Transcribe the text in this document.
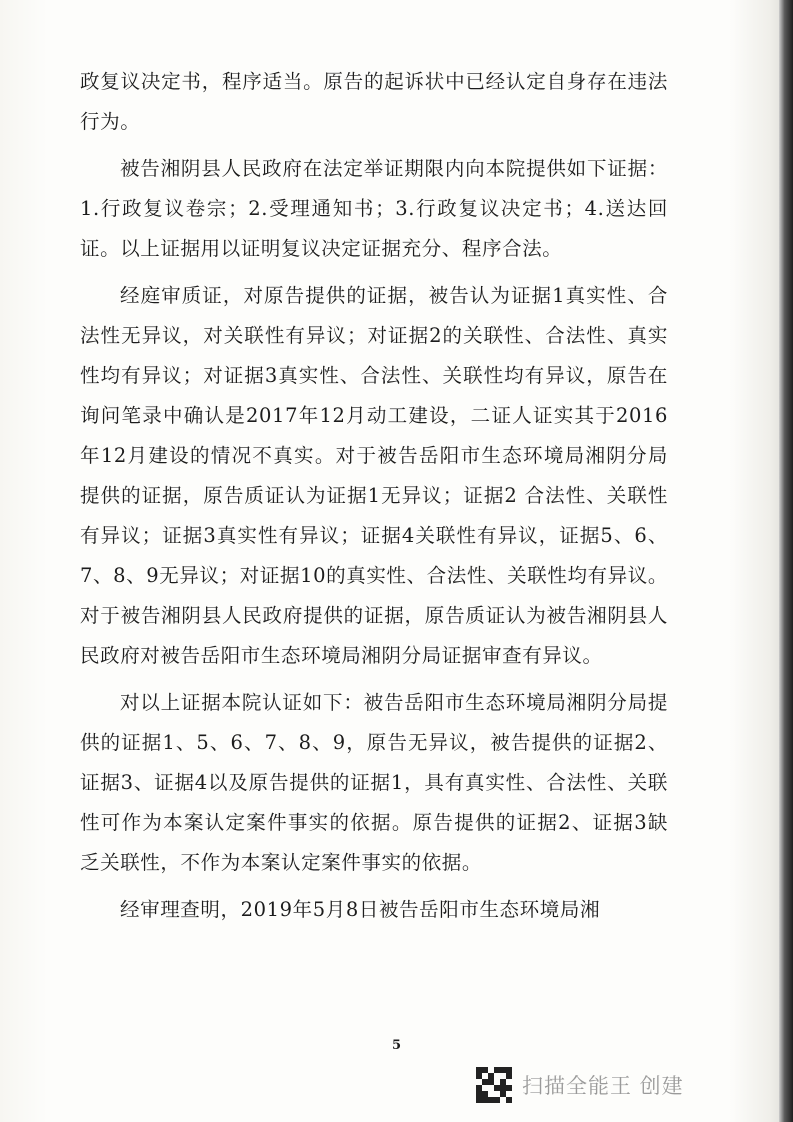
政复议决定书，程序适当。原告的起诉状中已经认定自身存在违法行为。

被告湘阴县人民政府在法定举证期限内向本院提供如下证据：1.行政复议卷宗；2.受理通知书；3.行政复议决定书；4.送达回证。以上证据用以证明复议决定证据充分、程序合法。

经庭审质证，对原告提供的证据，被告认为证据1真实性、合法性无异议，对关联性有异议；对证据2的关联性、合法性、真实性均有异议；对证据3真实性、合法性、关联性均有异议，原告在询问笔录中确认是2017年12月动工建设，二证人证实其于2016年12月建设的情况不真实。对于被告岳阳市生态环境局湘阴分局提供的证据，原告质证认为证据1无异议；证据2 合法性、关联性有异议；证据3真实性有异议；证据4关联性有异议，证据5、6、7、8、9无异议；对证据10的真实性、合法性、关联性均有异议。对于被告湘阴县人民政府提供的证据，原告质证认为被告湘阴县人民政府对被告岳阳市生态环境局湘阴分局证据审查有异议。

对以上证据本院认证如下：被告岳阳市生态环境局湘阴分局提供的证据1、5、6、7、8、9，原告无异议，被告提供的证据2、证据3、证据4以及原告提供的证据1，具有真实性、合法性、关联性可作为本案认定案件事实的依据。原告提供的证据2、证据3缺乏关联性，不作为本案认定案件事实的依据。

经审理查明，2019年5月8日被告岳阳市生态环境局湘

5
扫描全能王 创建
